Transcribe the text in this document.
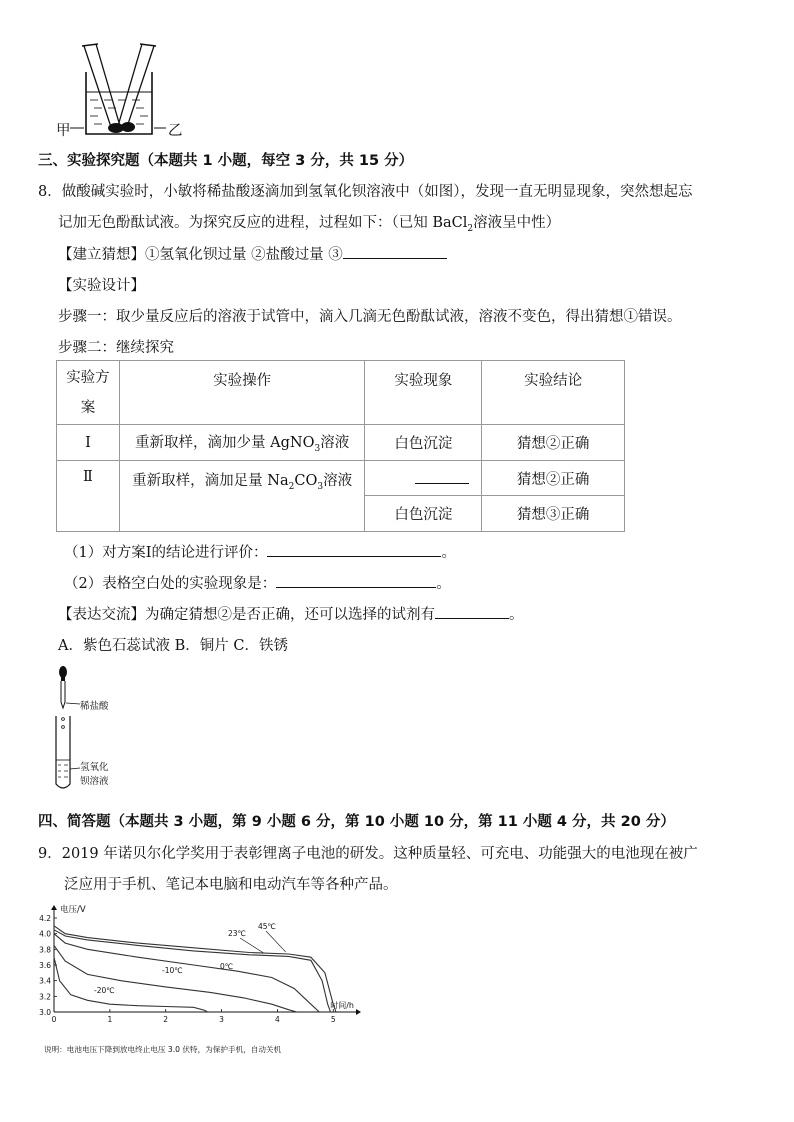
甲	乙
三、实验探究题（本题共 1 小题，每空 3 分，共 15 分）
8．做酸碱实验时，小敏将稀盐酸逐滴加到氢氧化钡溶液中（如图），发现一直无明显现象，突然想起忘
记加无色酚酞试液。为探究反应的进程，过程如下：（已知 BaCl$_2$溶液呈中性）
【建立猜想】①氢氧化钡过量 ②盐酸过量 ③
【实验设计】
步骤一：取少量反应后的溶液于试管中，滴入几滴无色酚酞试液，溶液不变色，得出猜想①错误。
步骤二：继续探究
实验方
案	实验操作	实验现象	实验结论
Ⅰ	重新取样，滴加少量 AgNO$_3$溶液	白色沉淀	猜想②正确
Ⅱ	重新取样，滴加足量 $Na_2CO_3$溶液		猜想②正确
		白色沉淀	猜想③正确
（1）对方案Ⅰ的结论进行评价：	。
（2）表格空白处的实验现象是：	。
【表达交流】为确定猜想②是否正确，还可以选择的试剂有	。
A．紫色石蕊试液 B．铜片 C．铁锈
稀盐酸
氢氧化
钡溶液
四、简答题（本题共 3 小题，第 9 小题 6 分，第 10 小题 10 分，第 11 小题 4 分，共 20 分）
9．2019 年诺贝尔化学奖用于表彰锂离子电池的研发。这种质量轻、可充电、功能强大的电池现在被广
泛应用于手机、笔记本电脑和电动汽车等各种产品。
0	1	2	3	4	5
3.0
3.2
3.4
3.6
3.8
4.0
4.2
电压/V
时间/h
23℃
45℃
0℃
-10℃
-20℃
说明：电池电压下降到放电终止电压 3.0 伏特，为保护手机，自动关机
